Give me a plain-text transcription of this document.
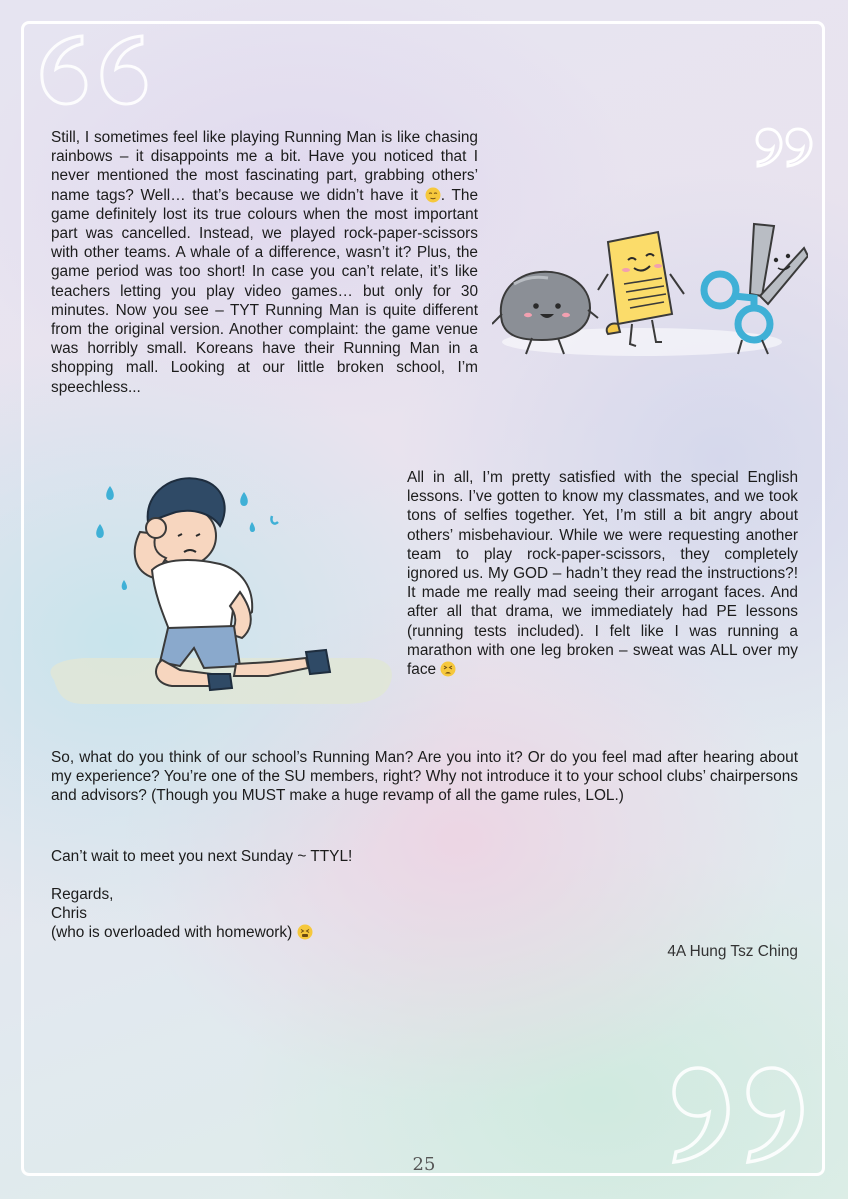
Still, I sometimes feel like playing Running Man is like chasing rainbows – it disappoints me a bit. Have you noticed that I never mentioned the most fascinating part, grabbing others’ name tags? Well… that’s because we didn’t have it . The game definitely lost its true colours when the most important part was cancelled. Instead, we played rock-paper-scissors with other teams. A whale of a difference, wasn’t it? Plus, the game period was too short! In case you can’t relate, it’s like teachers letting you play video games… but only for 30 minutes. Now you see – TYT Running Man is quite different from the original version. Another complaint: the game venue was horribly small. Koreans have their Running Man in a shopping mall. Looking at our little broken school, I’m speechless...

All in all, I’m pretty satisfied with the special English lessons. I’ve gotten to know my classmates, and we took tons of selfies together. Yet, I’m still a bit angry about others’ misbehaviour. While we were requesting another team to play rock-paper-scissors, they completely ignored us. My GOD – hadn’t they read the instructions?! It made me really mad seeing their arrogant faces. And after all that drama, we immediately had PE lessons (running tests included). I felt like I was running a marathon with one leg broken – sweat was ALL over my face

So, what do you think of our school’s Running Man? Are you into it? Or do you feel mad after hearing about my experience? You’re one of the SU members, right? Why not introduce it to your school clubs’ chairpersons and advisors? (Though you MUST make a huge revamp of all the game rules, LOL.)

Can’t wait to meet you next Sunday ~ TTYL!

Regards,

Chris

(who is overloaded with homework)

4A Hung Tsz Ching

25
